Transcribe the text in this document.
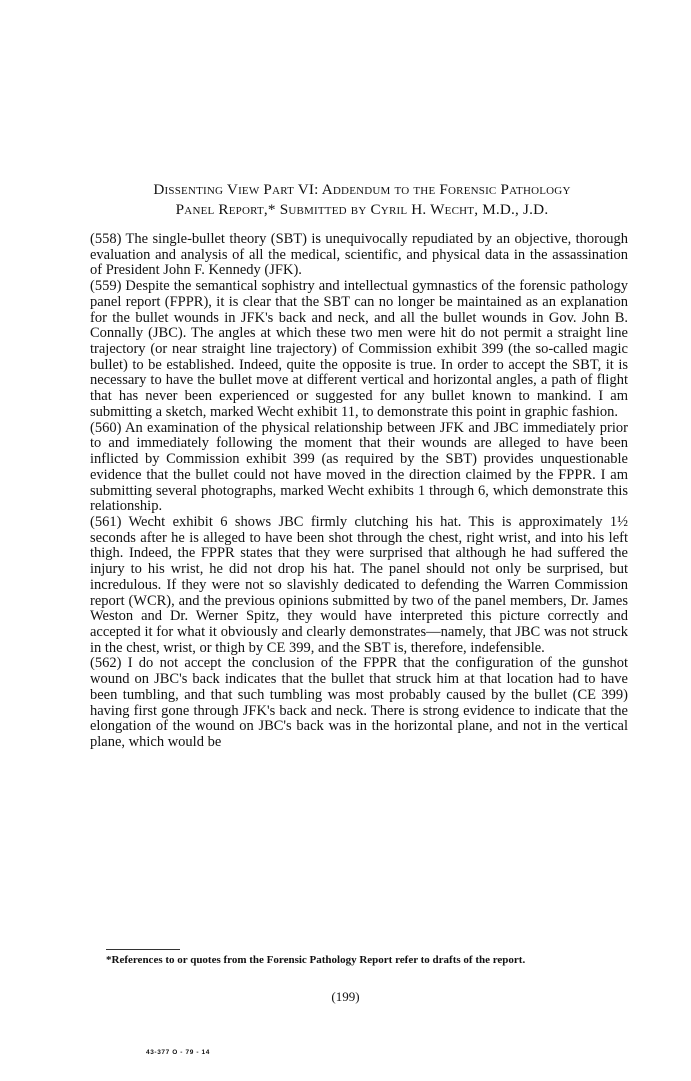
Dissenting View Part VI: Addendum to the Forensic Pathology
Panel Report,* Submitted by Cyril H. Wecht, M.D., J.D.

(558) The single-bullet theory (SBT) is unequivocally repudiated by an objective, thorough evaluation and analysis of all the medical, scientific, and physical data in the assassination of President John F. Kennedy (JFK).

(559) Despite the semantical sophistry and intellectual gymnastics of the forensic pathology panel report (FPPR), it is clear that the SBT can no longer be maintained as an explanation for the bullet wounds in JFK's back and neck, and all the bullet wounds in Gov. John B. Connally (JBC). The angles at which these two men were hit do not permit a straight line trajectory (or near straight line trajectory) of Commission exhibit 399 (the so-called magic bullet) to be established. Indeed, quite the opposite is true. In order to accept the SBT, it is necessary to have the bullet move at different vertical and horizontal angles, a path of flight that has never been experienced or suggested for any bullet known to mankind. I am submitting a sketch, marked Wecht exhibit 11, to demonstrate this point in graphic fashion.

(560) An examination of the physical relationship between JFK and JBC immediately prior to and immediately following the moment that their wounds are alleged to have been inflicted by Commission exhibit 399 (as required by the SBT) provides unquestionable evidence that the bullet could not have moved in the direction claimed by the FPPR. I am submitting several photographs, marked Wecht exhibits 1 through 6, which demonstrate this relationship.

(561) Wecht exhibit 6 shows JBC firmly clutching his hat. This is approximately 1½ seconds after he is alleged to have been shot through the chest, right wrist, and into his left thigh. Indeed, the FPPR states that they were surprised that although he had suffered the injury to his wrist, he did not drop his hat. The panel should not only be surprised, but incredulous. If they were not so slavishly dedicated to defending the Warren Commission report (WCR), and the previous opinions submitted by two of the panel members, Dr. James Weston and Dr. Werner Spitz, they would have interpreted this picture correctly and accepted it for what it obviously and clearly demonstrates—namely, that JBC was not struck in the chest, wrist, or thigh by CE 399, and the SBT is, therefore, indefensible.

(562) I do not accept the conclusion of the FPPR that the configuration of the gunshot wound on JBC's back indicates that the bullet that struck him at that location had to have been tumbling, and that such tumbling was most probably caused by the bullet (CE 399) having first gone through JFK's back and neck. There is strong evidence to indicate that the elongation of the wound on JBC's back was in the horizontal plane, and not in the vertical plane, which would be

*References to or quotes from the Forensic Pathology Report refer to drafts of the report.
(199)
43-377 O - 79 - 14
